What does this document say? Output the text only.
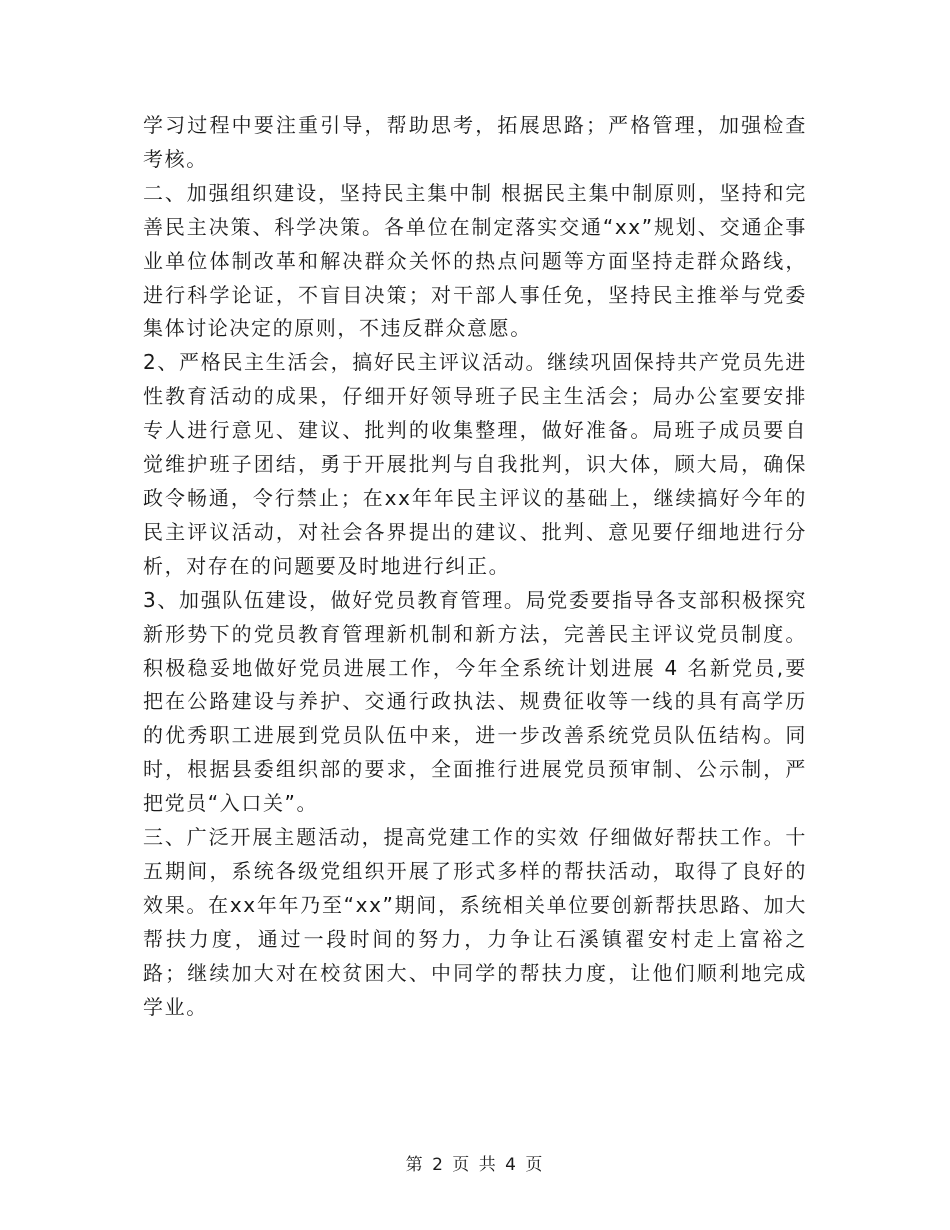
学习过程中要注重引导，帮助思考，拓展思路；严格管理，加强检查考核。

二、加强组织建设，坚持民主集中制 根据民主集中制原则，坚持和完善民主决策、科学决策。各单位在制定落实交通“xx”规划、交通企事业单位体制改革和解决群众关怀的热点问题等方面坚持走群众路线，进行科学论证，不盲目决策；对干部人事任免，坚持民主推举与党委集体讨论决定的原则，不违反群众意愿。

2、严格民主生活会，搞好民主评议活动。继续巩固保持共产党员先进性教育活动的成果，仔细开好领导班子民主生活会；局办公室要安排专人进行意见、建议、批判的收集整理，做好准备。局班子成员要自觉维护班子团结，勇于开展批判与自我批判，识大体，顾大局，确保政令畅通，令行禁止；在xx年年民主评议的基础上，继续搞好今年的民主评议活动，对社会各界提出的建议、批判、意见要仔细地进行分析，对存在的问题要及时地进行纠正。

3、加强队伍建设，做好党员教育管理。局党委要指导各支部积极探究新形势下的党员教育管理新机制和新方法，完善民主评议党员制度。积极稳妥地做好党员进展工作，今年全系统计划进展 4 名新党员,要把在公路建设与养护、交通行政执法、规费征收等一线的具有高学历的优秀职工进展到党员队伍中来，进一步改善系统党员队伍结构。同时，根据县委组织部的要求，全面推行进展党员预审制、公示制，严把党员“入口关”。

三、广泛开展主题活动，提高党建工作的实效 仔细做好帮扶工作。十五期间，系统各级党组织开展了形式多样的帮扶活动，取得了良好的效果。在xx年年乃至“xx”期间，系统相关单位要创新帮扶思路、加大帮扶力度，通过一段时间的努力，力争让石溪镇翟安村走上富裕之路；继续加大对在校贫困大、中同学的帮扶力度，让他们顺利地完成学业。

第 2 页 共 4 页
